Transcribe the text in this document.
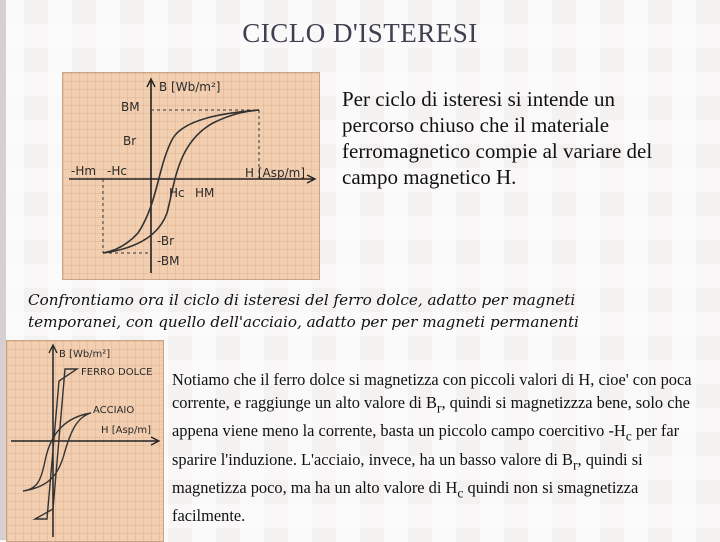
CICLO D'ISTERESI
B [Wb/m²]
H [Asp/m]
BM
Br
-Hm -Hc
Hc HM
-Br
-BM

Per ciclo di isteresi si intende un percorso chiuso che il materiale ferromagnetico compie al variare del campo magnetico H.

Confrontiamo ora il ciclo di isteresi del ferro dolce, adatto per magneti temporanei, con quello dell'acciaio, adatto per per magneti permanenti

B [Wb/m²]
FERRO DOLCE
ACCIAIO
H [Asp/m]

Notiamo che il ferro dolce si magnetizza con piccoli valori di H, cioe' con poca corrente, e raggiunge un alto valore di $B_r$, quindi si magnetizzza bene, solo che appena viene meno la corrente, basta un piccolo campo coercitivo $-H_c$ per far sparire l'induzione. L'acciaio, invece, ha un basso valore di $B_r$, quindi si magnetizza poco, ma ha un alto valore di $H_c$ quindi non si smagnetizza facilmente.
